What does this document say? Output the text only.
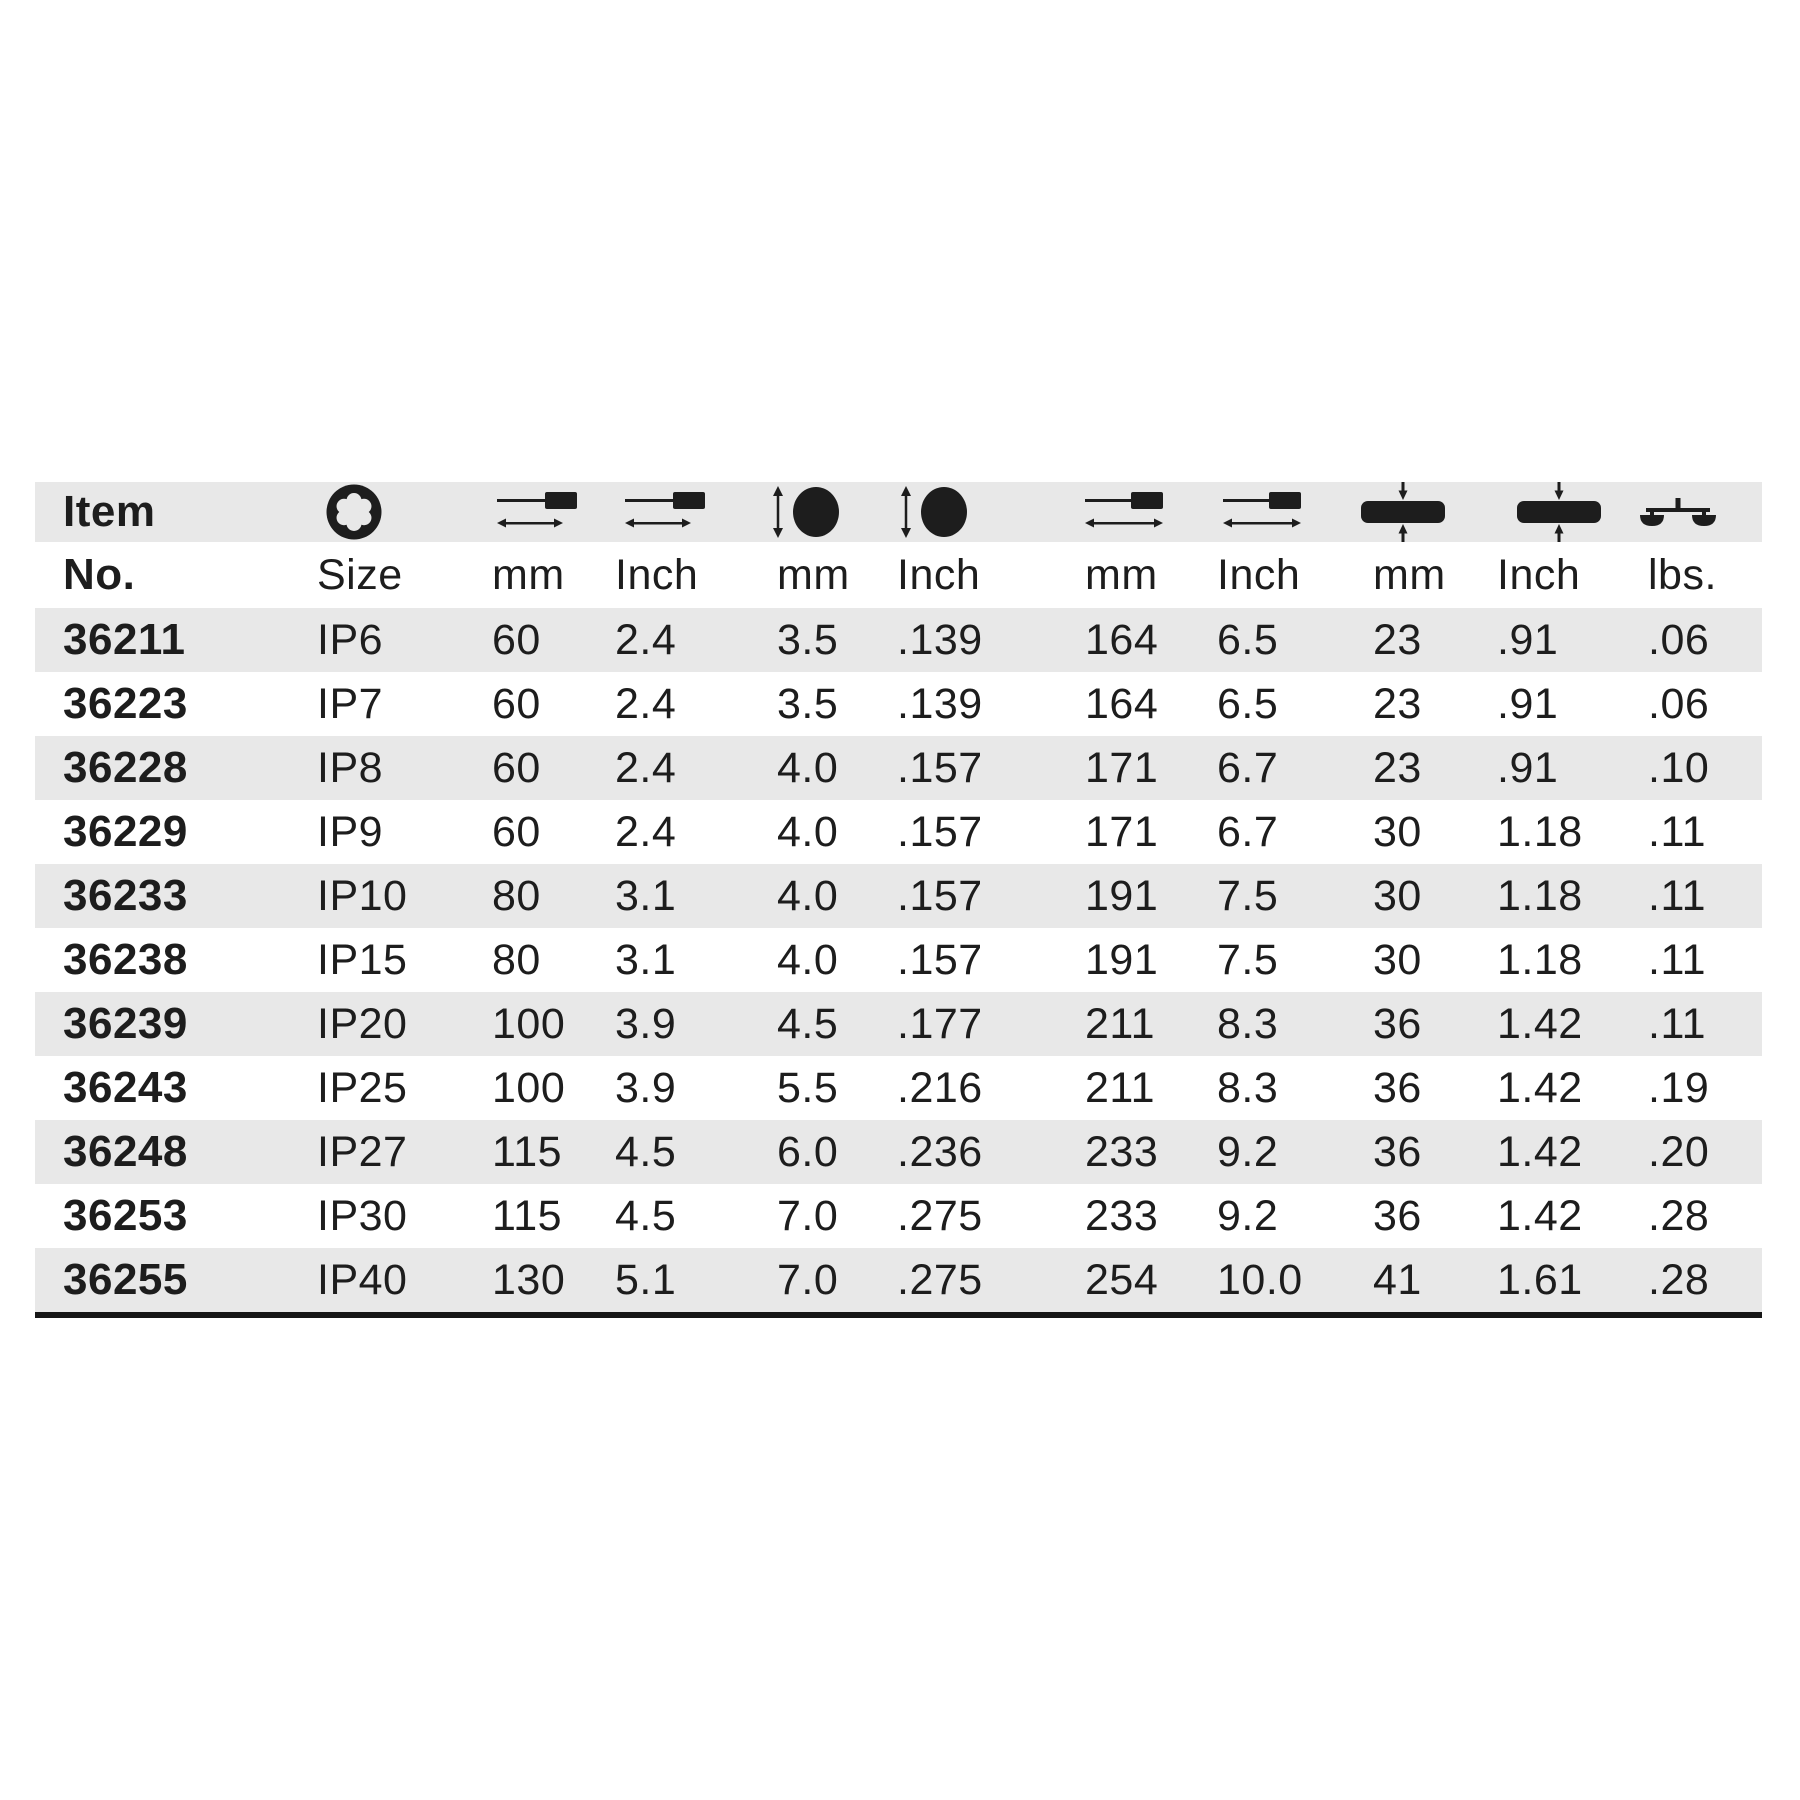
Item
No.	Size mm Inch mm Inch mm Inch mm Inch lbs.
36211	IP6	60 2.4 3.5 .139 164 6.5 23 .91 .06
36223	IP7	60 2.4 3.5 .139 164 6.5 23 .91 .06
36228	IP8	60 2.4 4.0 .157 171 6.7 23 .91 .10
36229	IP9	60 2.4 4.0 .157 171 6.7 30 1.18 .11
36233	IP10 80 3.1 4.0 .157 191 7.5 30 1.18 .11
36238	IP15 80 3.1 4.0 .157 191 7.5 30 1.18 .11
36239	IP20 100 3.9 4.5 .177 211 8.3 36 1.42 .11
36243	IP25 100 3.9 5.5 .216 211 8.3 36 1.42 .19
36248	IP27 115 4.5 6.0 .236 233 9.2 36 1.42 .20
36253	IP30 115 4.5 7.0 .275 233 9.2 36 1.42 .28
36255	IP40 130 5.1 7.0 .275 254 10.0 41 1.61 .28
